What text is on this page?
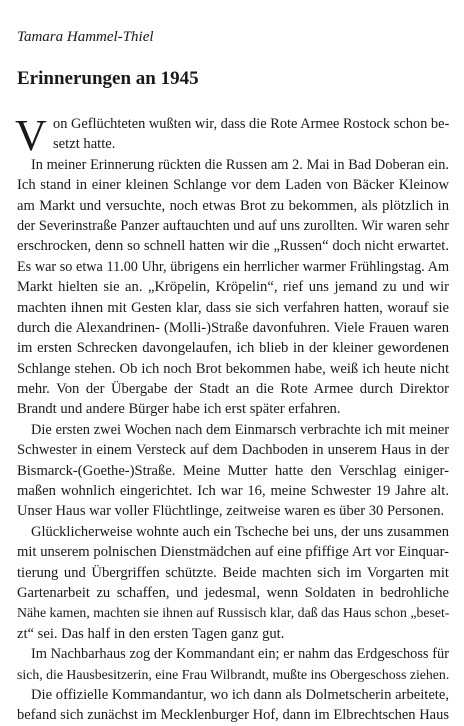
Tamara Hammel-Thiel

Erinnerungen an 1945
V on Geflüchteten wußten wir, dass die Rote Armee Rostock schon be-
setzt hatte.
In meiner Erinnerung rückten die Russen am 2. Mai in Bad Doberan ein.
Ich stand in einer kleinen Schlange vor dem Laden von Bäcker Kleinow
am Markt und versuchte, noch etwas Brot zu bekommen, als plötzlich in
der Severinstraße Panzer auftauchten und auf uns zurollten. Wir waren sehr
erschrocken, denn so schnell hatten wir die „Russen“ doch nicht erwartet.
Es war so etwa 11.00 Uhr, übrigens ein herrlicher warmer Frühlingstag. Am
Markt hielten sie an. „Kröpelin, Kröpelin“, rief uns jemand zu und wir
machten ihnen mit Gesten klar, dass sie sich verfahren hatten, worauf sie
durch die Alexandrinen- (Molli-)Straße davonfuhren. Viele Frauen waren
im ersten Schrecken davongelaufen, ich blieb in der kleiner gewordenen
Schlange stehen. Ob ich noch Brot bekommen habe, weiß ich heute nicht
mehr. Von der Übergabe der Stadt an die Rote Armee durch Direktor
Brandt und andere Bürger habe ich erst später erfahren.
Die ersten zwei Wochen nach dem Einmarsch verbrachte ich mit meiner
Schwester in einem Versteck auf dem Dachboden in unserem Haus in der
Bismarck-(Goethe-)Straße. Meine Mutter hatte den Verschlag einiger-
maßen wohnlich eingerichtet. Ich war 16, meine Schwester 19 Jahre alt.
Unser Haus war voller Flüchtlinge, zeitweise waren es über 30 Personen.
Glücklicherweise wohnte auch ein Tscheche bei uns, der uns zusammen
mit unserem polnischen Dienstmädchen auf eine pfiffige Art vor Einquar-
tierung und Übergriffen schützte. Beide machten sich im Vorgarten mit
Gartenarbeit zu schaffen, und jedesmal, wenn Soldaten in bedrohliche
Nähe kamen, machten sie ihnen auf Russisch klar, daß das Haus schon „beset-
zt“ sei. Das half in den ersten Tagen ganz gut.
Im Nachbarhaus zog der Kommandant ein; er nahm das Erdgeschoss für
sich, die Hausbesitzerin, eine Frau Wilbrandt, mußte ins Obergeschoss ziehen.
Die offizielle Kommandantur, wo ich dann als Dolmetscherin arbeitete,
befand sich zunächst im Mecklenburger Hof, dann im Elbrechtschen Haus
